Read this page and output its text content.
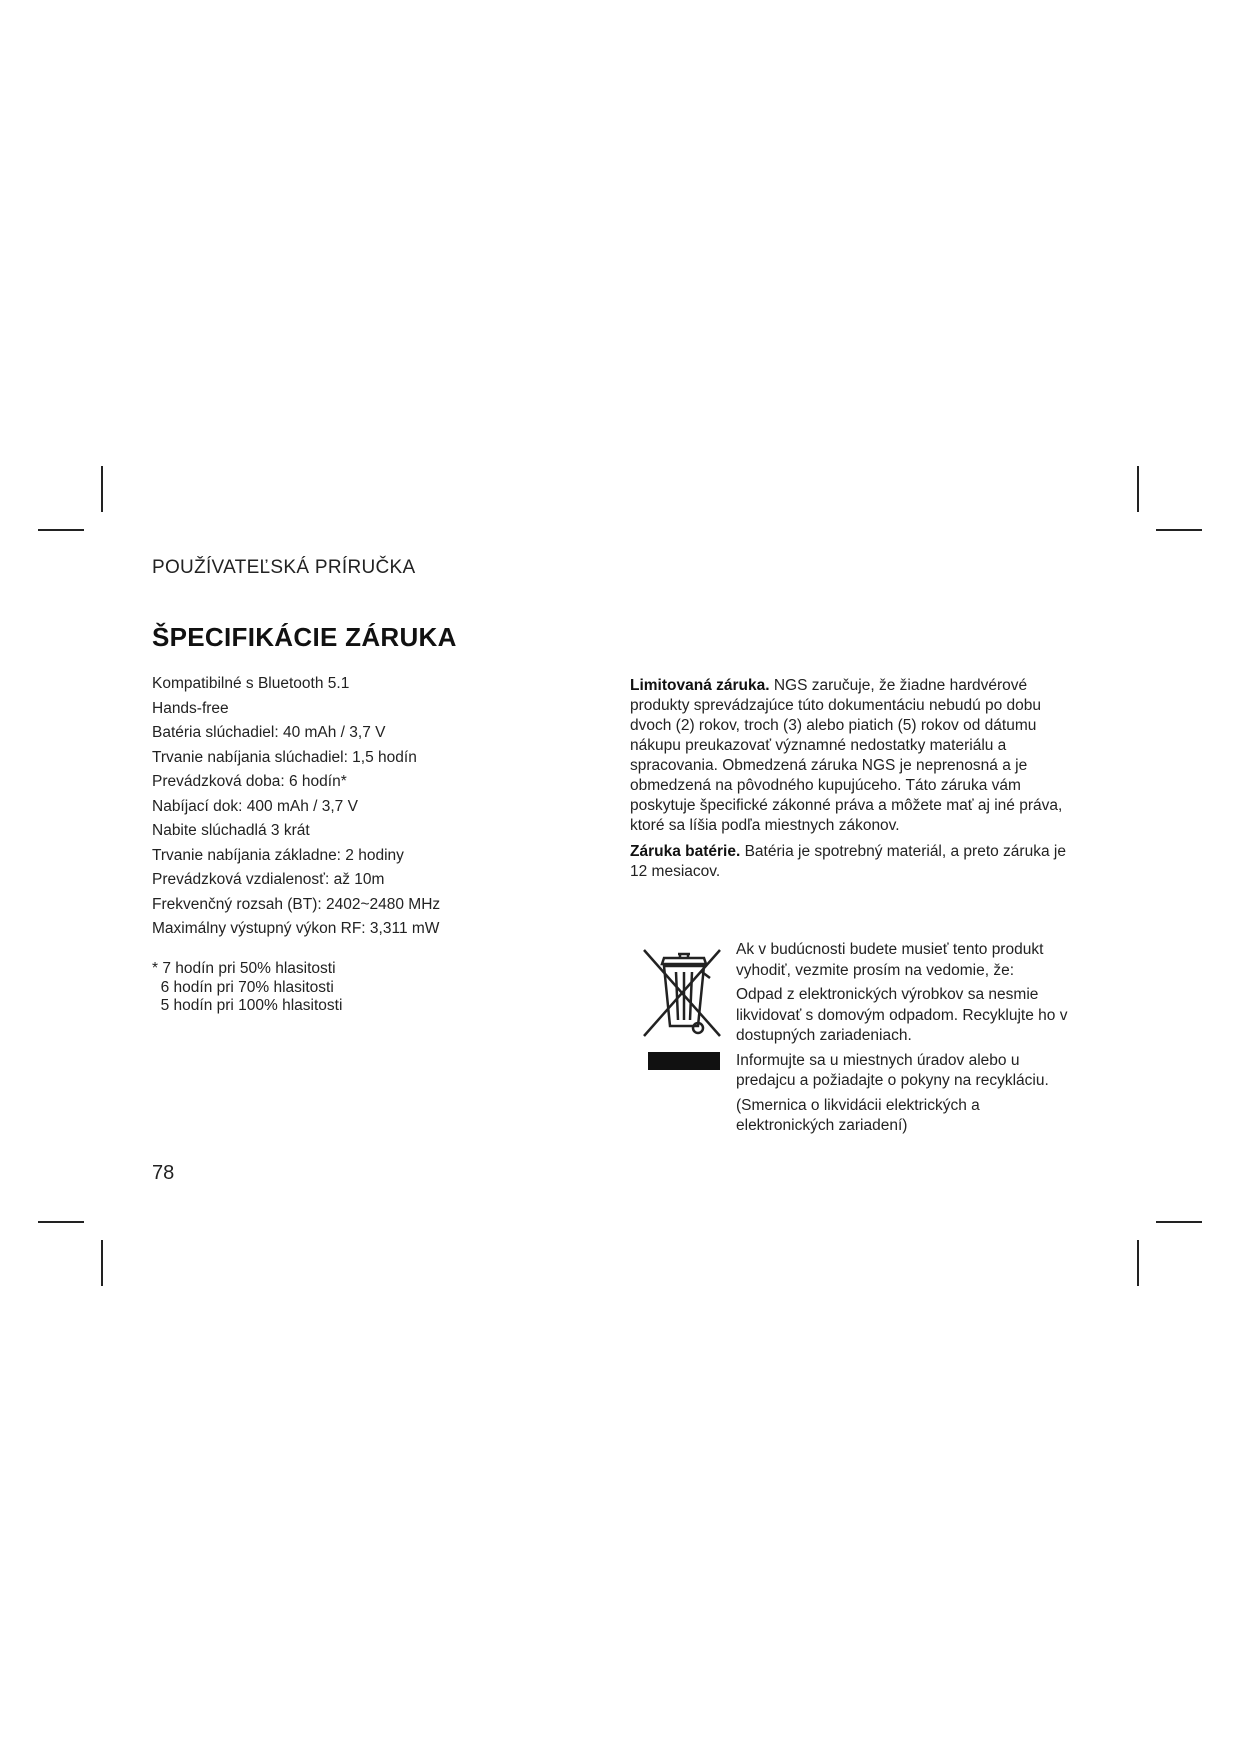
POUŽÍVATEĽSKÁ PRÍRUČKA
ŠPECIFIKÁCIE ZÁRUKA
Kompatibilné s Bluetooth 5.1
Hands-free
Batéria slúchadiel: 40 mAh / 3,7 V
Trvanie nabíjania slúchadiel: 1,5 hodín
Prevádzková doba: 6 hodín*
Nabíjací dok: 400 mAh / 3,7 V
Nabite slúchadlá 3 krát
Trvanie nabíjania základne: 2 hodiny
Prevádzková vzdialenosť: až 10m
Frekvenčný rozsah (BT): 2402~2480 MHz
Maximálny výstupný výkon RF: 3,311 mW
* 7 hodín pri 50% hlasitosti
6 hodín pri 70% hlasitosti
5 hodín pri 100% hlasitosti

Limitovaná záruka. NGS zaručuje, že žiadne hardvérové produkty sprevádzajúce túto dokumentáciu nebudú po dobu dvoch (2) rokov, troch (3) alebo piatich (5) rokov od dátumu nákupu preukazovať významné nedostatky materiálu a spracovania. Obmedzená záruka NGS je neprenosná a je obmedzená na pôvodného kupujúceho. Táto záruka vám poskytuje špecifické zákonné práva a môžete mať aj iné práva, ktoré sa líšia podľa miestnych zákonov.

Záruka batérie. Batéria je spotrebný materiál, a preto záruka je 12 mesiacov.

Ak v budúcnosti budete musieť tento produkt vyhodiť, vezmite prosím na vedomie, že:

Odpad z elektronických výrobkov sa nesmie likvidovať s domovým odpadom. Recyklujte ho v dostupných zariadeniach.

Informujte sa u miestnych úradov alebo u predajcu a požiadajte o pokyny na recykláciu.

(Smernica o likvidácii elektrických a elektronických zariadení)

78
